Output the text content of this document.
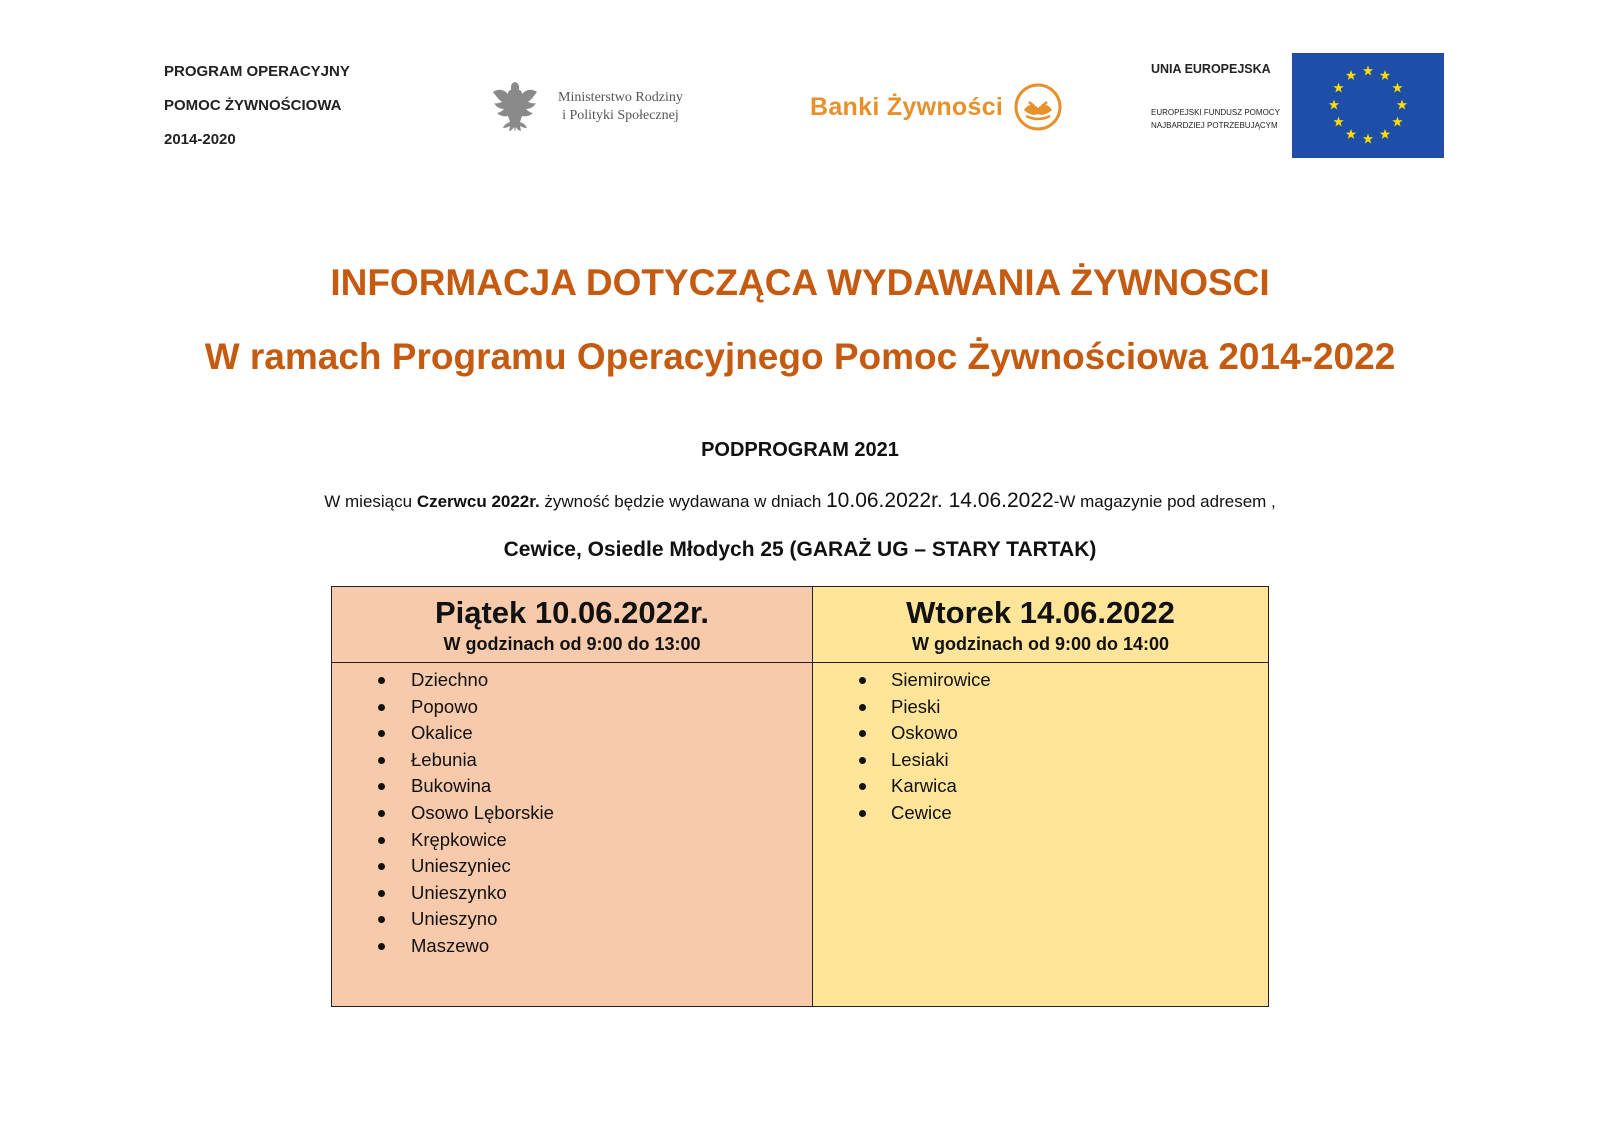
PROGRAM OPERACYJNY
POMOC ŻYWNOŚCIOWA
2014-2020
Ministerstwo Rodziny
i Polityki Społecznej	Banki Żywności
UNIA EUROPEJSKA
EUROPEJSKI FUNDUSZ POMOCY
NAJBARDZIEJ POTRZEBUJĄCYM
INFORMACJA DOTYCZĄCA WYDAWANIA ŻYWNOSCI
W ramach Programu Operacyjnego Pomoc Żywnościowa 2014-2022
PODPROGRAM 2021
W miesiącu Czerwcu 2022r. żywność będzie wydawana w dniach 10.06.2022r. 14.06.2022-W magazynie pod adresem ,
Cewice, Osiedle Młodych 25 (GARAŻ UG – STARY TARTAK)
Piątek 10.06.2022r.
W godzinach od 9:00 do 13:00
Dziechno
Popowo
Okalice
Łebunia
Bukowina
Osowo Lęborskie
Krępkowice
Unieszyniec
Unieszynko
Unieszyno
Maszewo
Wtorek 14.06.2022
W godzinach od 9:00 do 14:00
Siemirowice
Pieski
Oskowo
Lesiaki
Karwica
Cewice
